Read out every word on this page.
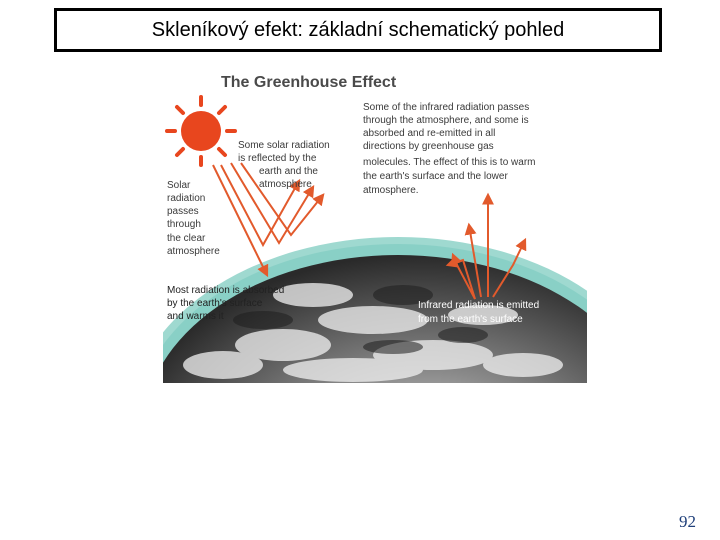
Skleníkový efekt: základní schematický pohled
The Greenhouse Effect
Some solar radiation is reflected by the earth and the atmosphere
Solar radiation passes through the clear atmosphere
Most radiation is absorbed by the earth's surface and warms it
Some of the infrared radiation passes through the atmosphere, and some is absorbed and re-emitted in all directions by greenhouse gas molecules. The effect of this is to warm the earth's surface and the lower atmosphere.
Infrared radiation is emitted from the earth's surface
92
